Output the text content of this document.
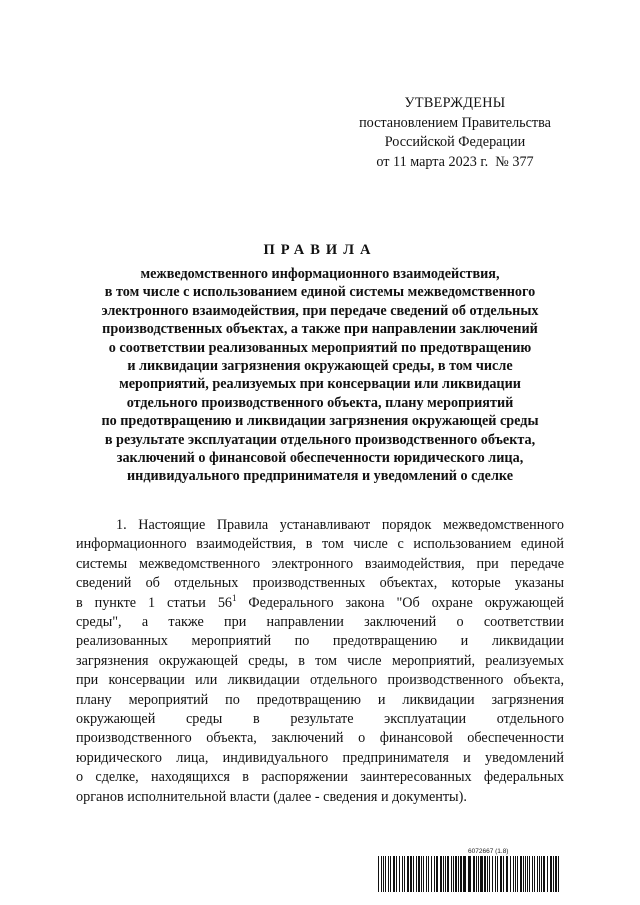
УТВЕРЖДЕНЫ
постановлением Правительства
Российской Федерации
от 11 марта 2023 г.  № 377
ПРАВИЛА
межведомственного информационного взаимодействия,
в том числе с использованием единой системы межведомственного
электронного взаимодействия, при передаче сведений об отдельных
производственных объектах, а также при направлении заключений
о соответствии реализованных мероприятий по предотвращению
и ликвидации загрязнения окружающей среды, в том числе
мероприятий, реализуемых при консервации или ликвидации
отдельного производственного объекта, плану мероприятий
по предотвращению и ликвидации загрязнения окружающей среды
в результате эксплуатации отдельного производственного объекта,
заключений о финансовой обеспеченности юридического лица,
индивидуального предпринимателя и уведомлений о сделке
1. Настоящие Правила устанавливают порядок межведомственного
информационного взаимодействия, в том числе с использованием единой
системы межведомственного электронного взаимодействия, при передаче
сведений об отдельных производственных объектах, которые указаны
в пункте 1 статьи $56^1$ Федерального закона "Об охране окружающей
среды", а также при направлении заключений о соответствии
реализованных мероприятий по предотвращению и ликвидации
загрязнения окружающей среды, в том числе мероприятий, реализуемых
при консервации или ликвидации отдельного производственного объекта,
плану мероприятий по предотвращению и ликвидации загрязнения
окружающей среды в результате эксплуатации отдельного
производственного объекта, заключений о финансовой обеспеченности
юридического лица, индивидуального предпринимателя и уведомлений
о сделке, находящихся в распоряжении заинтересованных федеральных
органов исполнительной власти (далее - сведения и документы).
6072667 (1.8)
